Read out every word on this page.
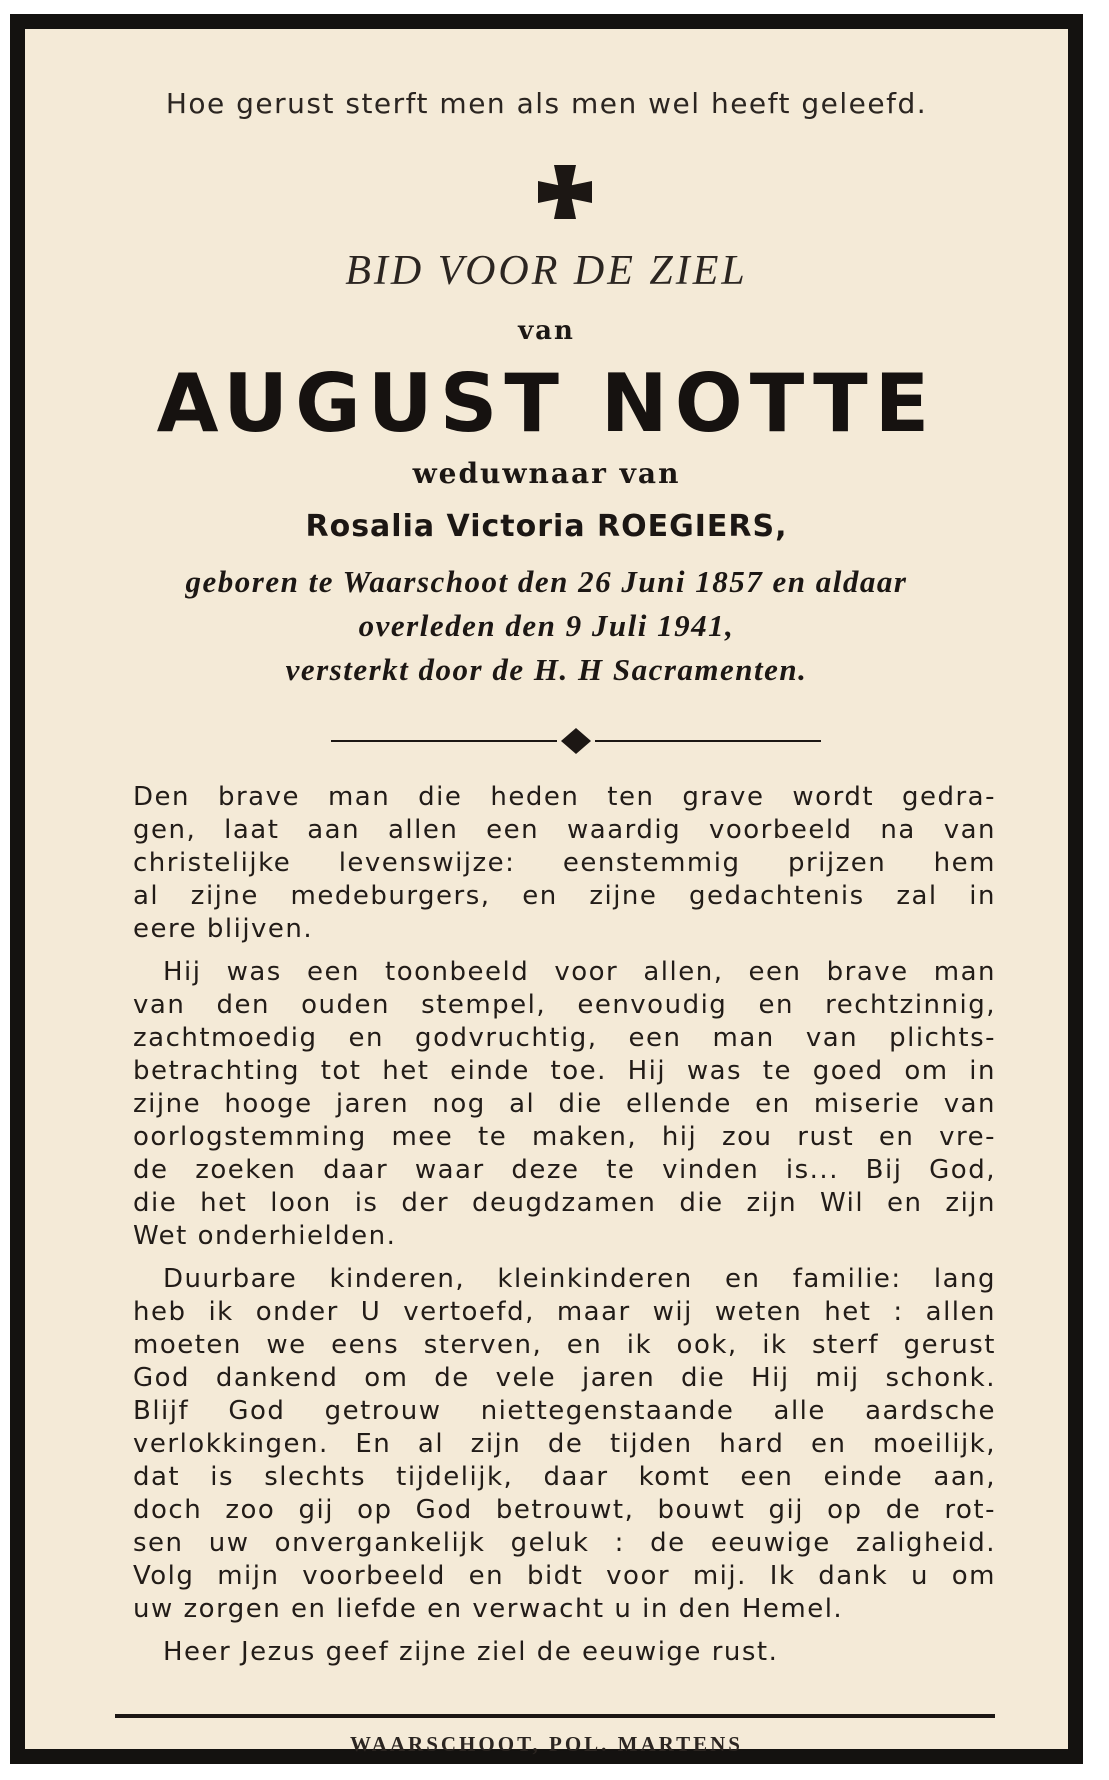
Hoe gerust sterft men als men wel heeft geleefd.
BID VOOR DE ZIEL
van
AUGUST NOTTE
weduwnaar van
Rosalia Victoria ROEGIERS,
geboren te Waarschoot den 26 Juni 1857 en aldaar
overleden den 9 Juli 1941,
versterkt door de H. H Sacramenten.
Den brave man die heden ten grave wordt gedra-
gen, laat aan allen een waardig voorbeeld na van
christelijke levenswijze: eenstemmig prijzen hem
al zijne medeburgers, en zijne gedachtenis zal in
eere blijven.
Hij was een toonbeeld voor allen, een brave man
van den ouden stempel, eenvoudig en rechtzinnig,
zachtmoedig en godvruchtig, een man van plichts-
betrachting tot het einde toe. Hij was te goed om in
zijne hooge jaren nog al die ellende en miserie van
oorlogstemming mee te maken, hij zou rust en vre-
de zoeken daar waar deze te vinden is... Bij God,
die het loon is der deugdzamen die zijn Wil en zijn
Wet onderhielden.
Duurbare kinderen, kleinkinderen en familie: lang
heb ik onder U vertoefd, maar wij weten het : allen
moeten we eens sterven, en ik ook, ik sterf gerust
God dankend om de vele jaren die Hij mij schonk.
Blijf God getrouw niettegenstaande alle aardsche
verlokkingen. En al zijn de tijden hard en moeilijk,
dat is slechts tijdelijk, daar komt een einde aan,
doch zoo gij op God betrouwt, bouwt gij op de rot-
sen uw onvergankelijk geluk : de eeuwige zaligheid.
Volg mijn voorbeeld en bidt voor mij. Ik dank u om
uw zorgen en liefde en verwacht u in den Hemel.
Heer Jezus geef zijne ziel de eeuwige rust.
WAARSCHOOT, POL. MARTENS
